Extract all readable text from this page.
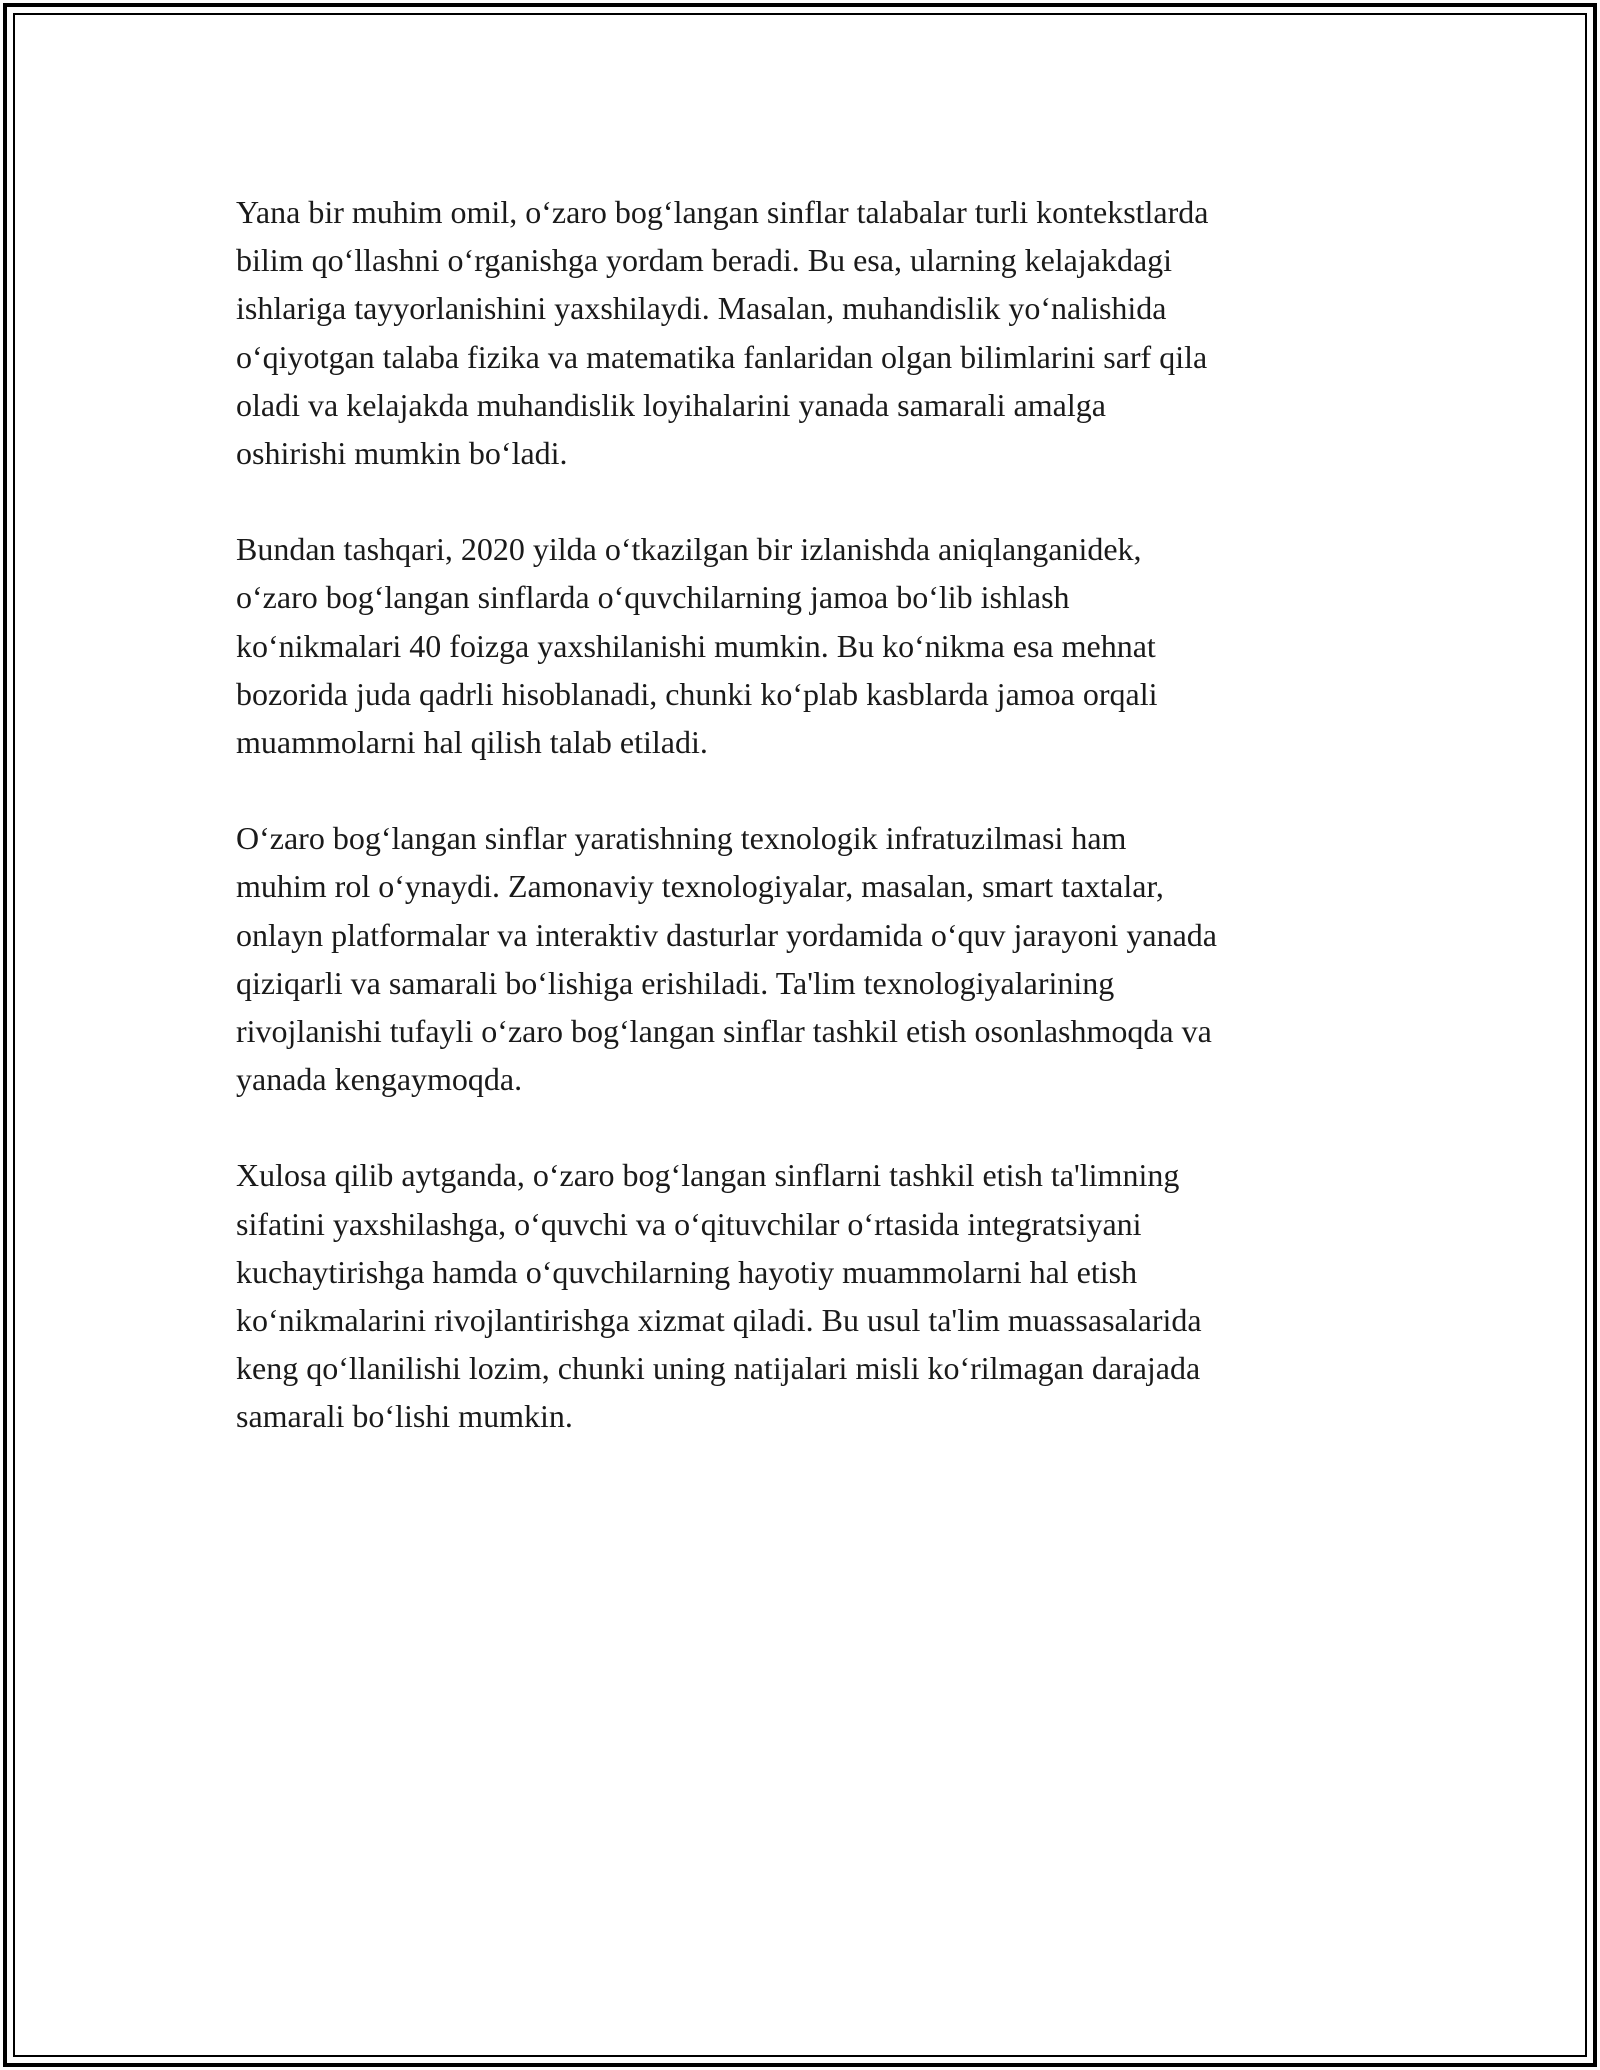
Yana bir muhim omil, o‘zaro bog‘langan sinflar talabalar turli kontekstlarda
bilim qo‘llashni o‘rganishga yordam beradi. Bu esa, ularning kelajakdagi
ishlariga tayyorlanishini yaxshilaydi. Masalan, muhandislik yo‘nalishida
o‘qiyotgan talaba fizika va matematika fanlaridan olgan bilimlarini sarf qila
oladi va kelajakda muhandislik loyihalarini yanada samarali amalga
oshirishi mumkin bo‘ladi.

Bundan tashqari, 2020 yilda o‘tkazilgan bir izlanishda aniqlanganidek,
o‘zaro bog‘langan sinflarda o‘quvchilarning jamoa bo‘lib ishlash
ko‘nikmalari 40 foizga yaxshilanishi mumkin. Bu ko‘nikma esa mehnat
bozorida juda qadrli hisoblanadi, chunki ko‘plab kasblarda jamoa orqali
muammolarni hal qilish talab etiladi.

O‘zaro bog‘langan sinflar yaratishning texnologik infratuzilmasi ham
muhim rol o‘ynaydi. Zamonaviy texnologiyalar, masalan, smart taxtalar,
onlayn platformalar va interaktiv dasturlar yordamida o‘quv jarayoni yanada
qiziqarli va samarali bo‘lishiga erishiladi. Ta'lim texnologiyalarining
rivojlanishi tufayli o‘zaro bog‘langan sinflar tashkil etish osonlashmoqda va
yanada kengaymoqda.

Xulosa qilib aytganda, o‘zaro bog‘langan sinflarni tashkil etish ta'limning
sifatini yaxshilashga, o‘quvchi va o‘qituvchilar o‘rtasida integratsiyani
kuchaytirishga hamda o‘quvchilarning hayotiy muammolarni hal etish
ko‘nikmalarini rivojlantirishga xizmat qiladi. Bu usul ta'lim muassasalarida
keng qo‘llanilishi lozim, chunki uning natijalari misli ko‘rilmagan darajada
samarali bo‘lishi mumkin.
